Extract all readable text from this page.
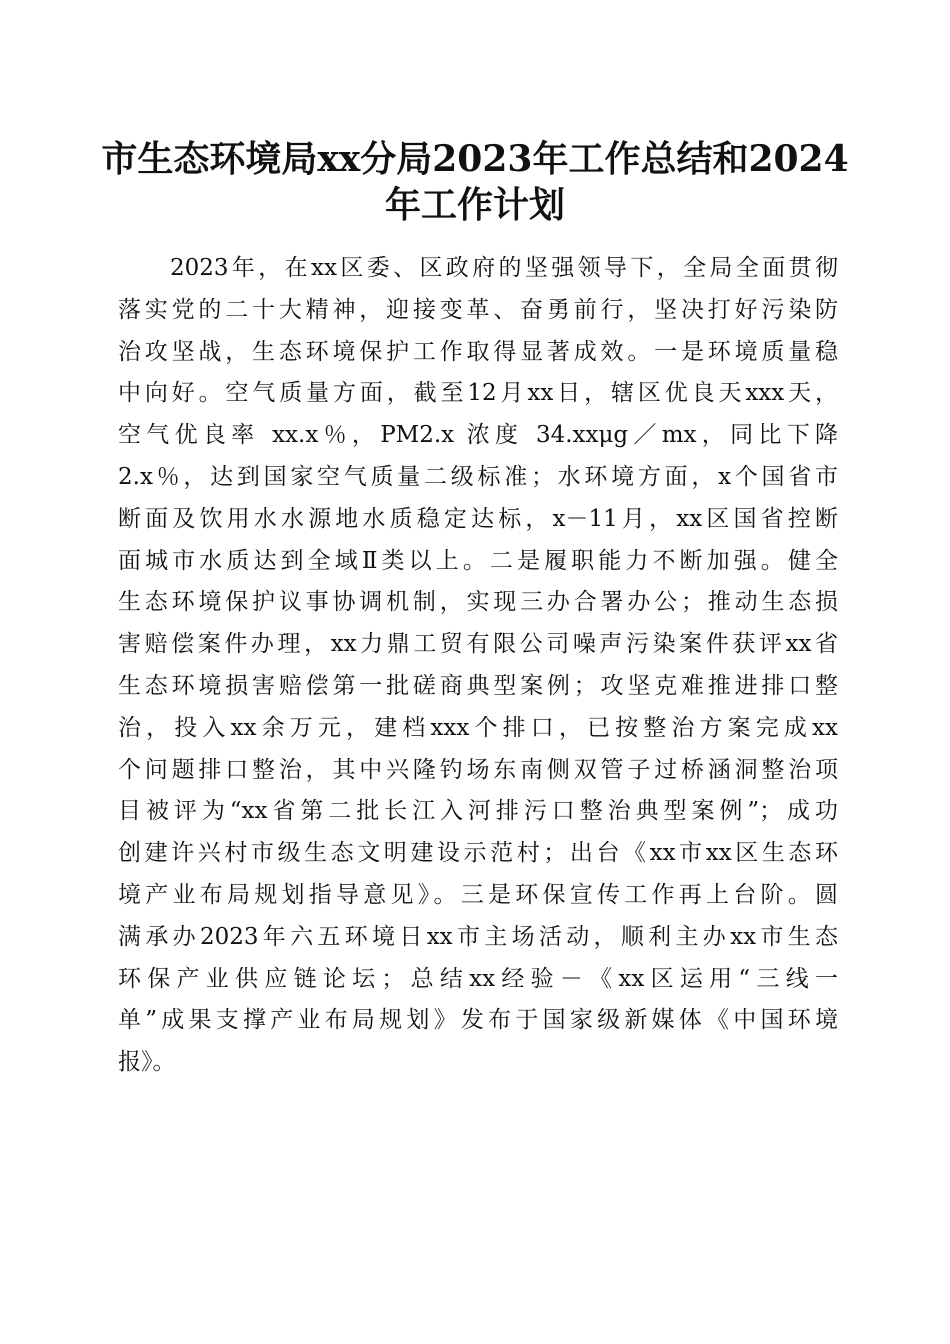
市生态环境局xx分局2023年工作总结和2024
年工作计划
2023年，在xx区委、区政府的坚强领导下，全局全面贯彻
落实党的二十大精神，迎接变革、奋勇前行，坚决打好污染防
治攻坚战，生态环境保护工作取得显著成效。一是环境质量稳
中向好。空气质量方面，截至12月xx日，辖区优良天xxx天，
空气优良率 xx.x％，PM2.x 浓度 34.xxμg／mx，同比下降
2.x％，达到国家空气质量二级标准；水环境方面，x个国省市
断面及饮用水水源地水质稳定达标，x－11月，xx区国省控断
面城市水质达到全域Ⅱ类以上。二是履职能力不断加强。健全
生态环境保护议事协调机制，实现三办合署办公；推动生态损
害赔偿案件办理，xx力鼎工贸有限公司噪声污染案件获评xx省
生态环境损害赔偿第一批磋商典型案例；攻坚克难推进排口整
治，投入xx余万元，建档xxx个排口，已按整治方案完成xx
个问题排口整治，其中兴隆钓场东南侧双管子过桥涵洞整治项
目被评为“xx省第二批长江入河排污口整治典型案例”；成功
创建许兴村市级生态文明建设示范村；出台《xx市xx区生态环
境产业布局规划指导意见》。三是环保宣传工作再上台阶。圆
满承办2023年六五环境日xx市主场活动，顺利主办xx市生态
环保产业供应链论坛；总结xx经验－《xx区运用“三线一
单”成果支撑产业布局规划》发布于国家级新媒体《中国环境
报》。
